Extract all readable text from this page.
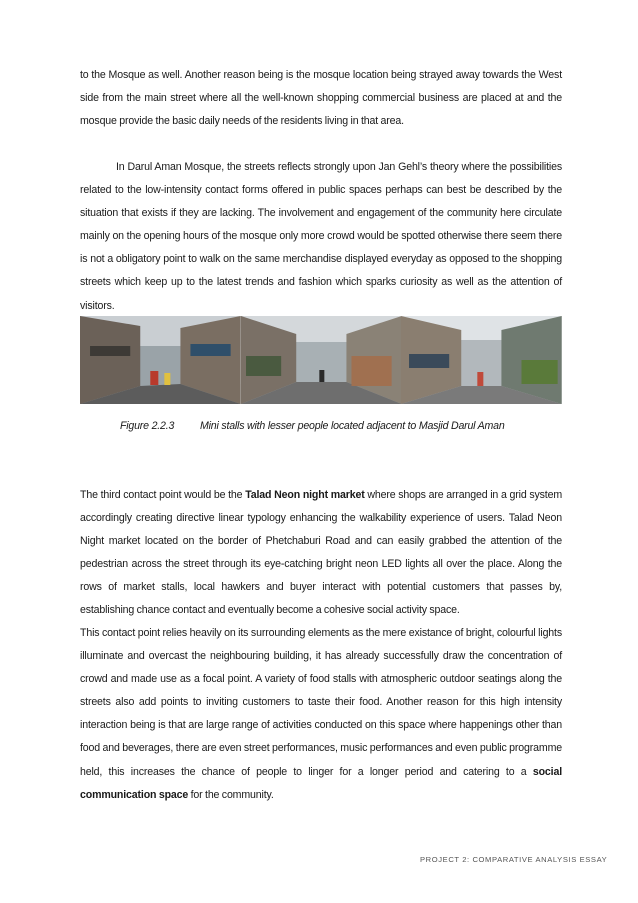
to the Mosque as well. Another reason being is the mosque location being strayed away towards the West side from the main street where all the well-known shopping commercial business are placed at and the mosque provide the basic daily needs of the residents living in that area.

In Darul Aman Mosque, the streets reflects strongly upon Jan Gehl’s theory where the possibilities related to the low-intensity contact forms offered in public spaces perhaps can best be described by the situation that exists if they are lacking. The involvement and engagement of the community here circulate mainly on the opening hours of the mosque only more crowd would be spotted otherwise there seem there is not a obligatory point to walk on the same merchandise displayed everyday as opposed to the shopping streets which keep up to the latest trends and fashion which sparks curiosity as well as the attention of visitors.

Figure 2.2.3	Mini stalls with lesser people located adjacent to Masjid Darul Aman

The third contact point would be the Talad Neon night market where shops are arranged in a grid system accordingly creating directive linear typology enhancing the walkability experience of users. Talad Neon Night market located on the border of Phetchaburi Road and can easily grabbed the attention of the pedestrian across the street through its eye-catching bright neon LED lights all over the place. Along the rows of market stalls, local hawkers and buyer interact with potential customers that passes by, establishing chance contact and eventually become a cohesive social activity space.

This contact point relies heavily on its surrounding elements as the mere existance of bright, colourful lights illuminate and overcast the neighbouring building, it has already successfully draw the concentration of crowd and made use as a focal point. A variety of food stalls with atmospheric outdoor seatings along the streets also add points to inviting customers to taste their food. Another reason for this high intensity interaction being is that are large range of activities conducted on this space where happenings other than food and beverages, there are even street performances, music performances and even public programme held, this increases the chance of people to linger for a longer period and catering to a social communication space for the community.

PROJECT 2: COMPARATIVE ANALYSIS ESSAY
